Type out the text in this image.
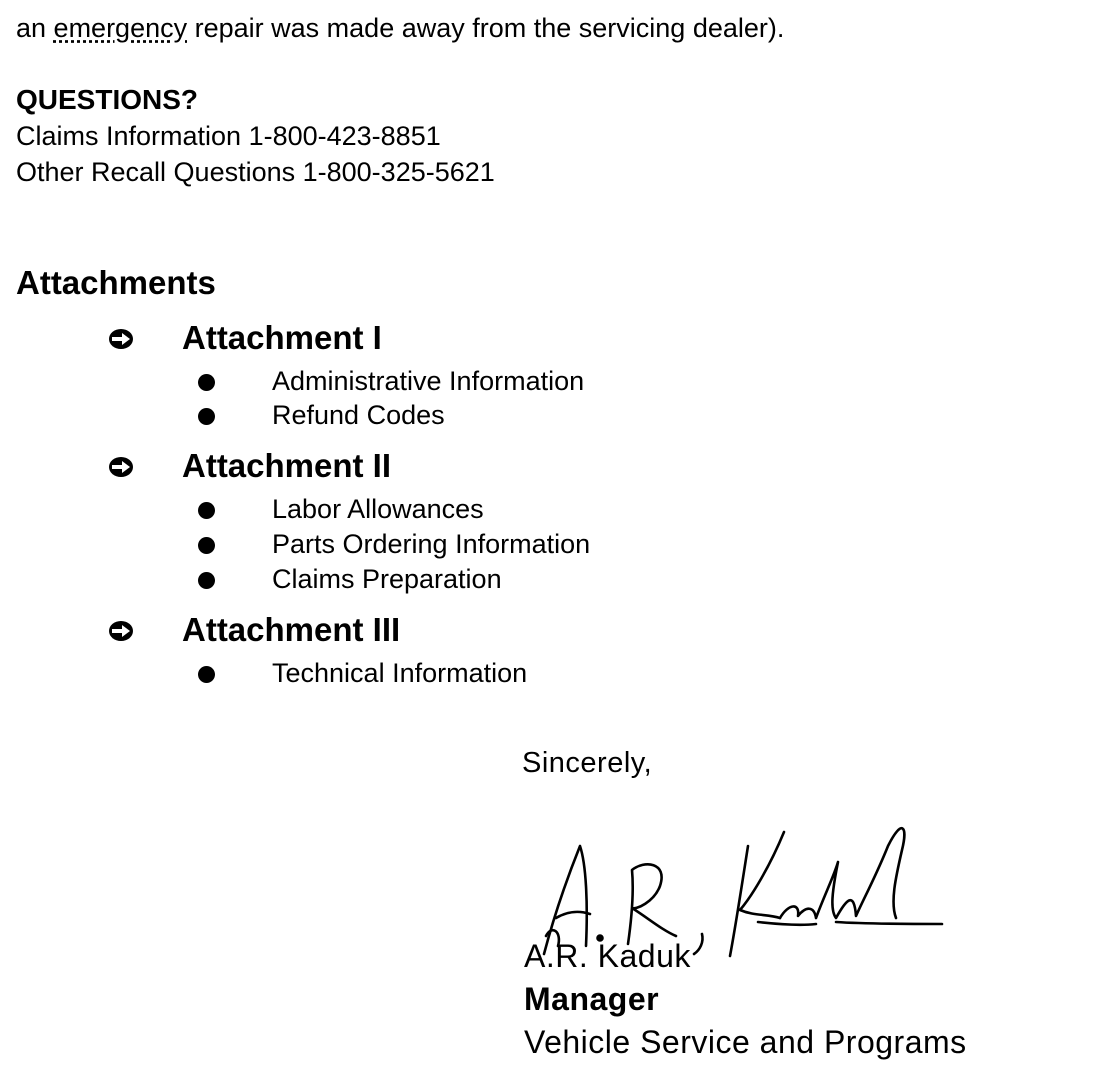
an emergency repair was made away from the servicing dealer).
QUESTIONS?
Claims Information 1-800-423-8851
Other Recall Questions 1-800-325-5621
Attachments
Attachment I
Administrative Information
Refund Codes
Attachment II
Labor Allowances
Parts Ordering Information
Claims Preparation
Attachment III
Technical Information
Sincerely,
A.R. Kaduk
Manager
Vehicle Service and Programs
